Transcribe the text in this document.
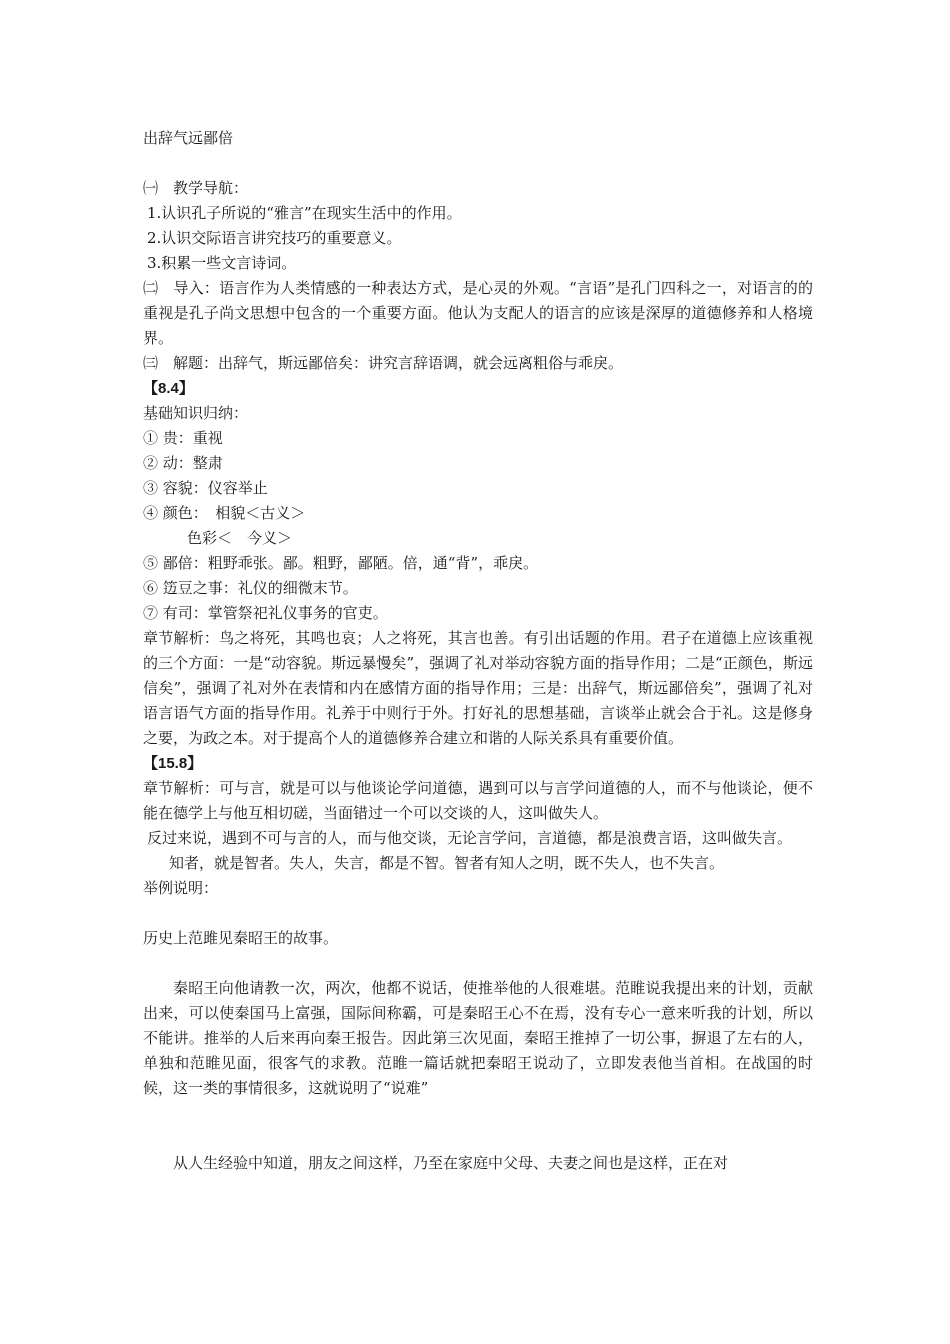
出辞气远鄙倍
㈠　教学导航：
1.认识孔子所说的“雅言”在现实生活中的作用。
2.认识交际语言讲究技巧的重要意义。
3.积累一些文言诗词。
㈡　导入：语言作为人类情感的一种表达方式，是心灵的外观。“言语”是孔门四科之一，对语言的的重视是孔子尚文思想中包含的一个重要方面。他认为支配人的语言的应该是深厚的道德修养和人格境界。
㈢　解题：出辞气，斯远鄙倍矣：讲究言辞语调，就会远离粗俗与乖戾。
【8.4】
基础知识归纳：
① 贵：重视
② 动：整肃
③ 容貌：仪容举止
④ 颜色：　相貌＜古义＞
色彩＜　今义＞
⑤ 鄙倍：粗野乖张。鄙。粗野，鄙陋。倍，通“背”，乖戾。
⑥ 笾豆之事：礼仪的细微末节。
⑦ 有司：掌管祭祀礼仪事务的官吏。
章节解析：鸟之将死，其鸣也哀；人之将死，其言也善。有引出话题的作用。君子在道德上应该重视的三个方面：一是“动容貌。斯远暴慢矣”，强调了礼对举动容貌方面的指导作用；二是“正颜色，斯远信矣”，强调了礼对外在表情和内在感情方面的指导作用；三是：出辞气，斯远鄙倍矣”，强调了礼对语言语气方面的指导作用。礼养于中则行于外。打好礼的思想基础，言谈举止就会合于礼。这是修身之要，为政之本。对于提高个人的道德修养合建立和谐的人际关系具有重要价值。
【15.8】
章节解析：可与言，就是可以与他谈论学问道德，遇到可以与言学问道德的人，而不与他谈论，便不能在德学上与他互相切磋，当面错过一个可以交谈的人，这叫做失人。
反过来说，遇到不可与言的人，而与他交谈，无论言学问，言道德，都是浪费言语，这叫做失言。
知者，就是智者。失人，失言，都是不智。智者有知人之明，既不失人，也不失言。
举例说明：
历史上范雎见秦昭王的故事。
秦昭王向他请教一次，两次，他都不说话，使推举他的人很难堪。范睢说我提出来的计划，贡献出来，可以使秦国马上富强，国际间称霸，可是秦昭王心不在焉，没有专心一意来听我的计划，所以不能讲。推举的人后来再向秦王报告。因此第三次见面，秦昭王推掉了一切公事，摒退了左右的人，单独和范睢见面，很客气的求教。范睢一篇话就把秦昭王说动了，立即发表他当首相。在战国的时候，这一类的事情很多，这就说明了“说难”
从人生经验中知道，朋友之间这样，乃至在家庭中父母、夫妻之间也是这样，正在对
